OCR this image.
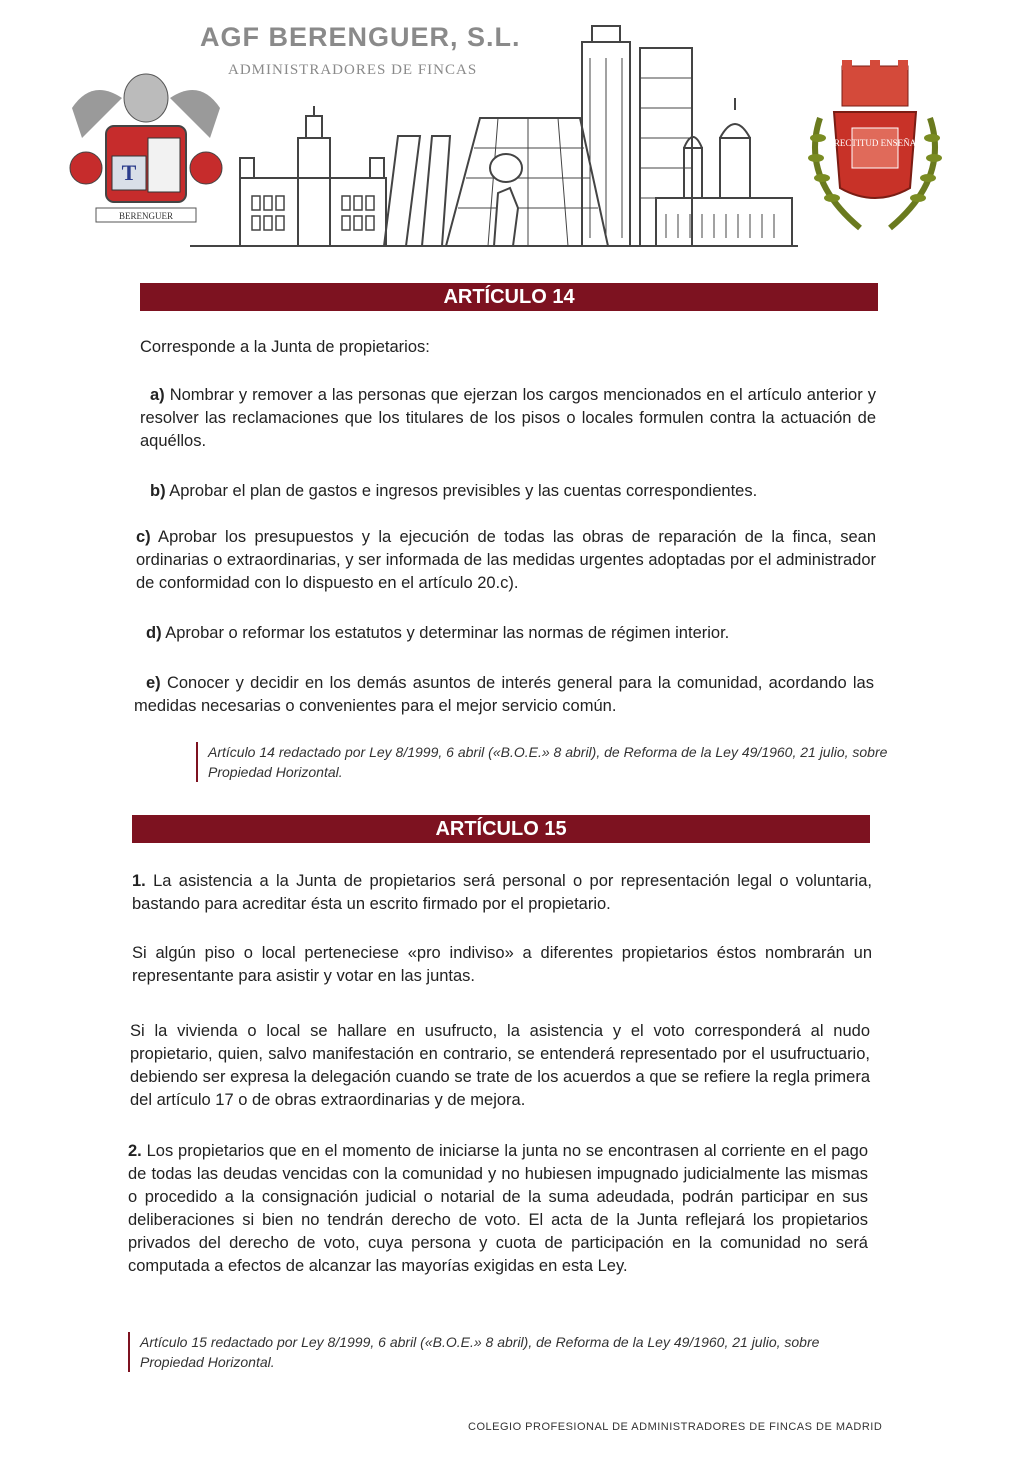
AGF BERENGUER, S.L.
ADMINISTRADORES DE FINCAS
T
BERENGUER
RECTITUD ENSEÑA
ARTÍCULO 14
Corresponde a la Junta de propietarios:
a) Nombrar y remover a las personas que ejerzan los cargos mencionados en el artículo anterior y resolver las reclamaciones que los titulares de los pisos o locales formulen contra la actuación de aquéllos.
b) Aprobar el plan de gastos e ingresos previsibles y las cuentas correspondientes.
c) Aprobar los presupuestos y la ejecución de todas las obras de reparación de la finca, sean ordinarias o extraordinarias, y ser informada de las medidas urgentes adoptadas por el administrador de conformidad con lo dispuesto en el artículo 20.c).
d) Aprobar o reformar los estatutos y determinar las normas de régimen interior.
e) Conocer y decidir en los demás asuntos de interés general para la comunidad, acordando las medidas necesarias o convenientes para el mejor servicio común.
Artículo 14 redactado por Ley 8/1999, 6 abril («B.O.E.» 8 abril), de Reforma de la Ley 49/1960, 21 julio, sobre Propiedad Horizontal.
ARTÍCULO 15
1. La asistencia a la Junta de propietarios será personal o por representación legal o voluntaria, bastando para acreditar ésta un escrito firmado por el propietario.
Si algún piso o local perteneciese «pro indiviso» a diferentes propietarios éstos nombrarán un representante para asistir y votar en las juntas.
Si la vivienda o local se hallare en usufructo, la asistencia y el voto corresponderá al nudo propietario, quien, salvo manifestación en contrario, se entenderá representado por el usufructuario, debiendo ser expresa la delegación cuando se trate de los acuerdos a que se refiere la regla primera del artículo 17 o de obras extraordinarias y de mejora.
2. Los propietarios que en el momento de iniciarse la junta no se encontrasen al corriente en el pago de todas las deudas vencidas con la comunidad y no hubiesen impugnado judicialmente las mismas o procedido a la consignación judicial o notarial de la suma adeudada, podrán participar en sus deliberaciones si bien no tendrán derecho de voto. El acta de la Junta reflejará los propietarios privados del derecho de voto, cuya persona y cuota de participación en la comunidad no será computada a efectos de alcanzar las mayorías exigidas en esta Ley.
Artículo 15 redactado por Ley 8/1999, 6 abril («B.O.E.» 8 abril), de Reforma de la Ley 49/1960, 21 julio, sobre Propiedad Horizontal.
COLEGIO PROFESIONAL DE ADMINISTRADORES DE FINCAS DE MADRID
